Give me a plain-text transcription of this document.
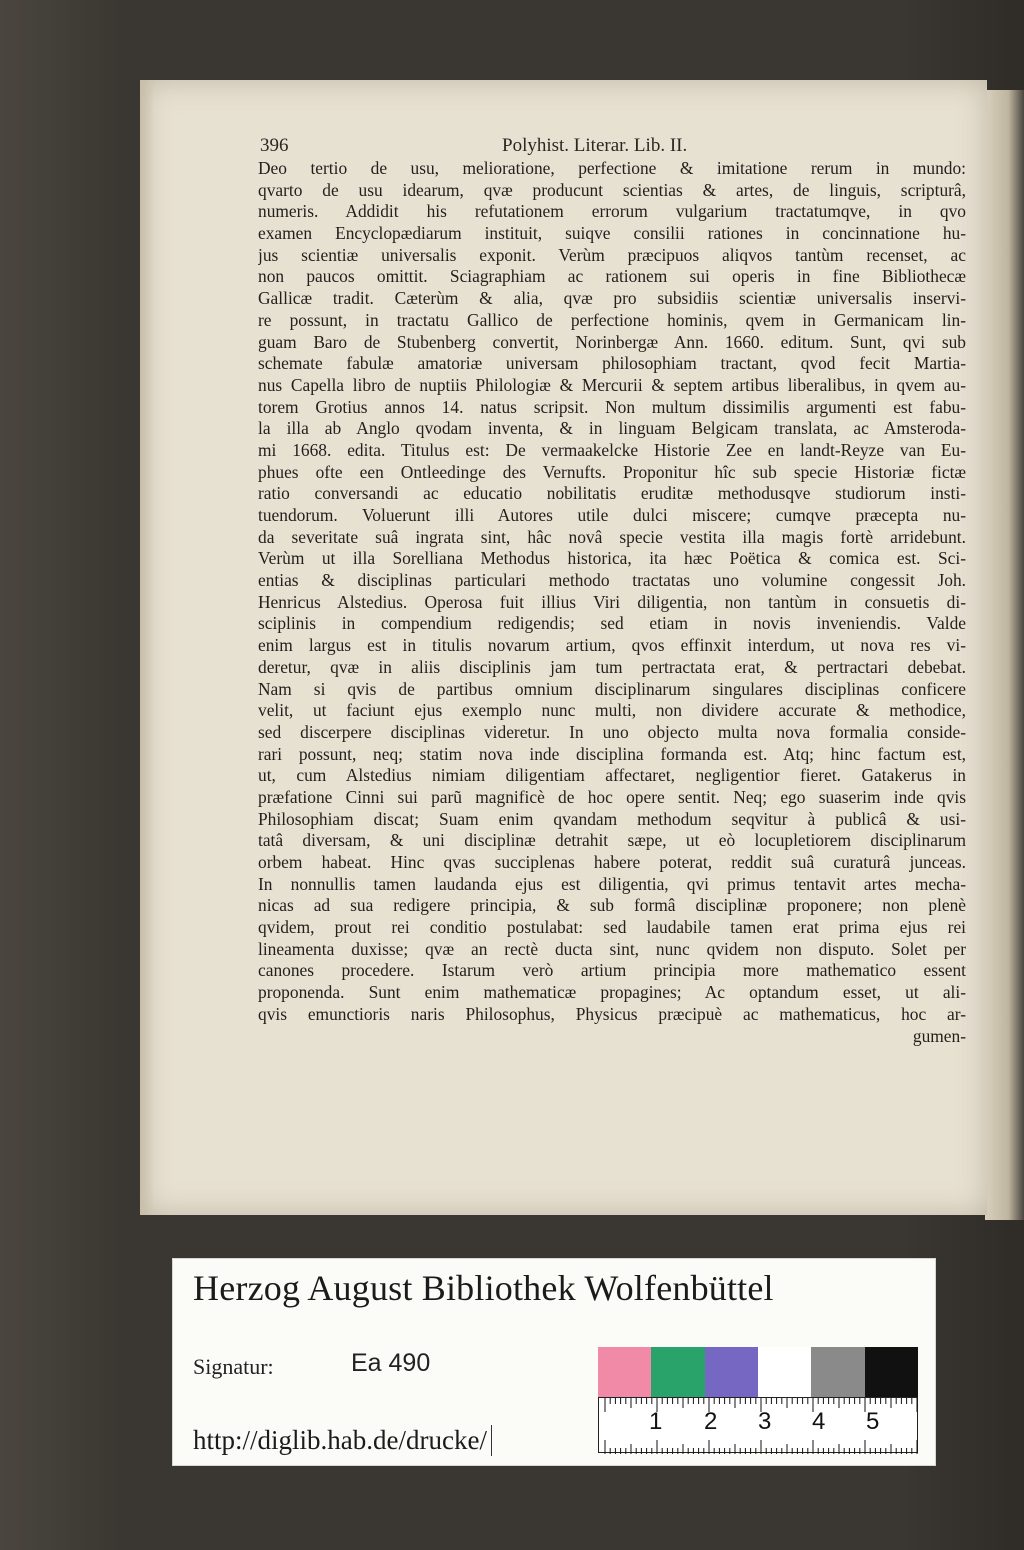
396	Polyhist. Literar. Lib. II.
Deo tertio de usu, melioratione, perfectione & imitatione rerum in mundo:
qvarto de usu idearum, qvæ producunt scientias & artes, de linguis, scripturâ,
numeris. Addidit his refutationem errorum vulgarium tractatumqve, in qvo
examen Encyclopædiarum instituit, suiqve consilii rationes in concinnatione hu-
jus scientiæ universalis exponit. Verùm præcipuos aliqvos tantùm recenset, ac
non paucos omittit. Sciagraphiam ac rationem sui operis in fine Bibliothecæ
Gallicæ tradit. Cæterùm & alia, qvæ pro subsidiis scientiæ universalis inservi-
re possunt, in tractatu Gallico de perfectione hominis, qvem in Germanicam lin-
guam Baro de Stubenberg convertit, Norinbergæ Ann. 1660. editum. Sunt, qvi sub
schemate fabulæ amatoriæ universam philosophiam tractant, qvod fecit Martia-
nus Capella libro de nuptiis Philologiæ & Mercurii & septem artibus liberalibus, in qvem au-
torem Grotius annos 14. natus scripsit. Non multum dissimilis argumenti est fabu-
la illa ab Anglo qvodam inventa, & in linguam Belgicam translata, ac Amsteroda-
mi 1668. edita. Titulus est: De vermaakelcke Historie Zee en landt-Reyze van Eu-
phues ofte een Ontleedinge des Vernufts. Proponitur hîc sub specie Historiæ fictæ
ratio conversandi ac educatio nobilitatis eruditæ methodusqve studiorum insti-
tuendorum. Voluerunt illi Autores utile dulci miscere; cumqve præcepta nu-
da severitate suâ ingrata sint, hâc novâ specie vestita illa magis fortè arridebunt.
Verùm ut illa Sorelliana Methodus historica, ita hæc Poëtica & comica est. Sci-
entias & disciplinas particulari methodo tractatas uno volumine congessit Joh.
Henricus Alstedius. Operosa fuit illius Viri diligentia, non tantùm in consuetis di-
sciplinis in compendium redigendis; sed etiam in novis inveniendis. Valde
enim largus est in titulis novarum artium, qvos effinxit interdum, ut nova res vi-
deretur, qvæ in aliis disciplinis jam tum pertractata erat, & pertractari debebat.
Nam si qvis de partibus omnium disciplinarum singulares disciplinas conficere
velit, ut faciunt ejus exemplo nunc multi, non dividere accurate & methodice,
sed discerpere disciplinas videretur. In uno objecto multa nova formalia conside-
rari possunt, neq; statim nova inde disciplina formanda est. Atq; hinc factum est,
ut, cum Alstedius nimiam diligentiam affectaret, negligentior fieret. Gatakerus in
præfatione Cinni sui parũ magnificè de hoc opere sentit. Neq; ego suaserim inde qvis
Philosophiam discat; Suam enim qvandam methodum seqvitur à publicâ & usi-
tatâ diversam, & uni disciplinæ detrahit sæpe, ut eò locupletiorem disciplinarum
orbem habeat. Hinc qvas succiplenas habere poterat, reddit suâ curaturâ junceas.
In nonnullis tamen laudanda ejus est diligentia, qvi primus tentavit artes mecha-
nicas ad sua redigere principia, & sub formâ disciplinæ proponere; non plenè
qvidem, prout rei conditio postulabat: sed laudabile tamen erat prima ejus rei
lineamenta duxisse; qvæ an rectè ducta sint, nunc qvidem non disputo. Solet per
canones procedere. Istarum verò artium principia more mathematico essent
proponenda. Sunt enim mathematicæ propagines; Ac optandum esset, ut ali-
qvis emunctioris naris Philosophus, Physicus præcipuè ac mathematicus, hoc ar-
gumen-
Herzog August Bibliothek Wolfenbüttel
Signatur:	Ea 490
1 2 3 4 5
http://diglib.hab.de/drucke/
